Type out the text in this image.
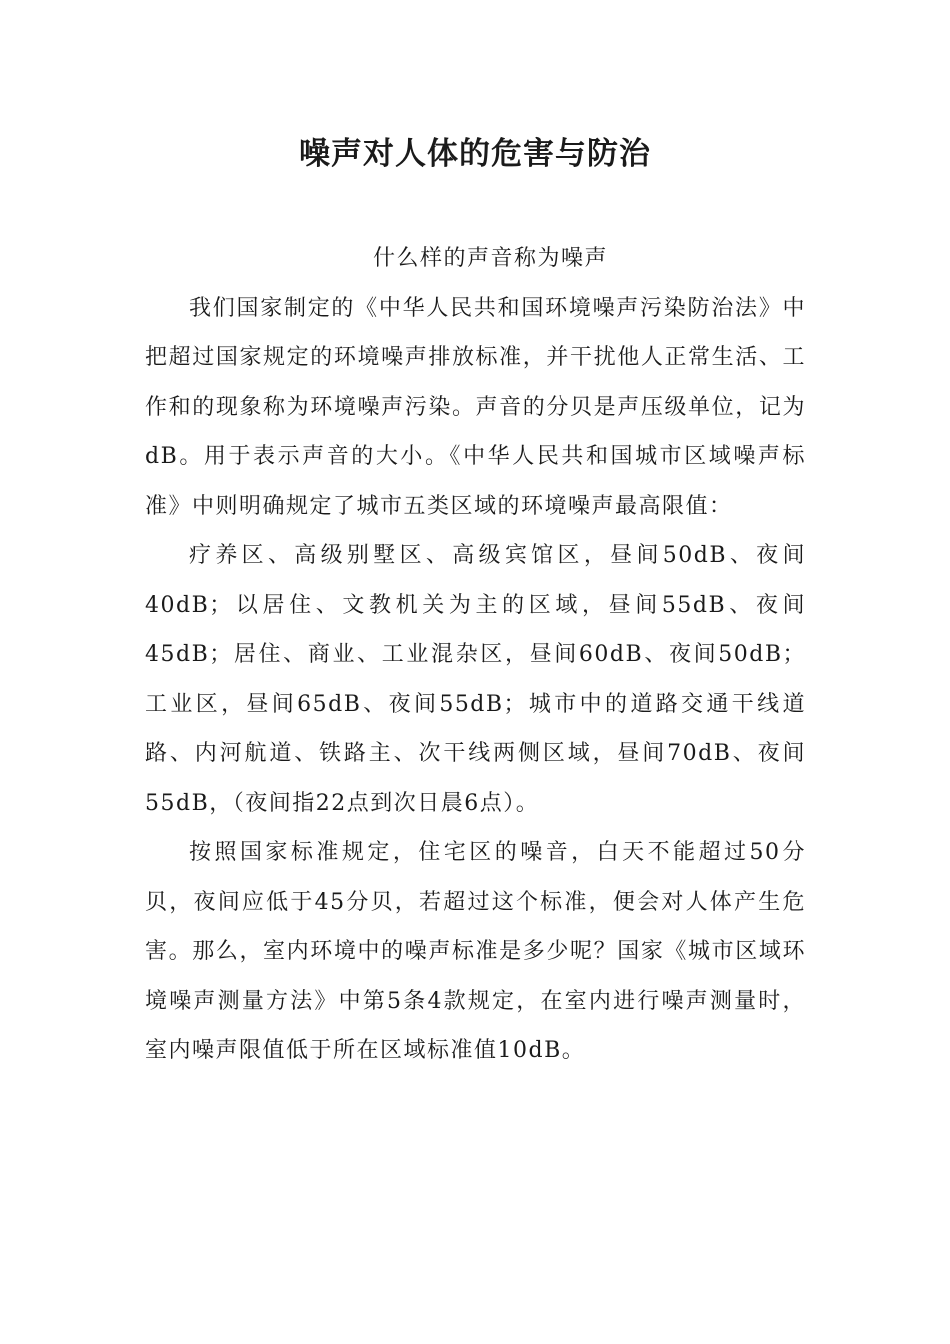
噪声对人体的危害与防治
什么样的声音称为噪声

我们国家制定的《中华人民共和国环境噪声污染防治法》中把超过国家规定的环境噪声排放标准，并干扰他人正常生活、工作和的现象称为环境噪声污染。声音的分贝是声压级单位，记为dB。用于表示声音的大小。《中华人民共和国城市区域噪声标准》中则明确规定了城市五类区域的环境噪声最高限值：

疗养区、高级别墅区、高级宾馆区，昼间50dB、夜间40dB；以居住、文教机关为主的区域，昼间55dB、夜间45dB；居住、商业、工业混杂区，昼间60dB、夜间50dB；工业区，昼间65dB、夜间55dB；城市中的道路交通干线道路、内河航道、铁路主、次干线两侧区域，昼间70dB、夜间55dB，（夜间指22点到次日晨6点）。

按照国家标准规定，住宅区的噪音，白天不能超过50分贝，夜间应低于45分贝，若超过这个标准，便会对人体产生危害。那么，室内环境中的噪声标准是多少呢？国家《城市区域环境噪声测量方法》中第5条4款规定，在室内进行噪声测量时，室内噪声限值低于所在区域标准值10dB。
